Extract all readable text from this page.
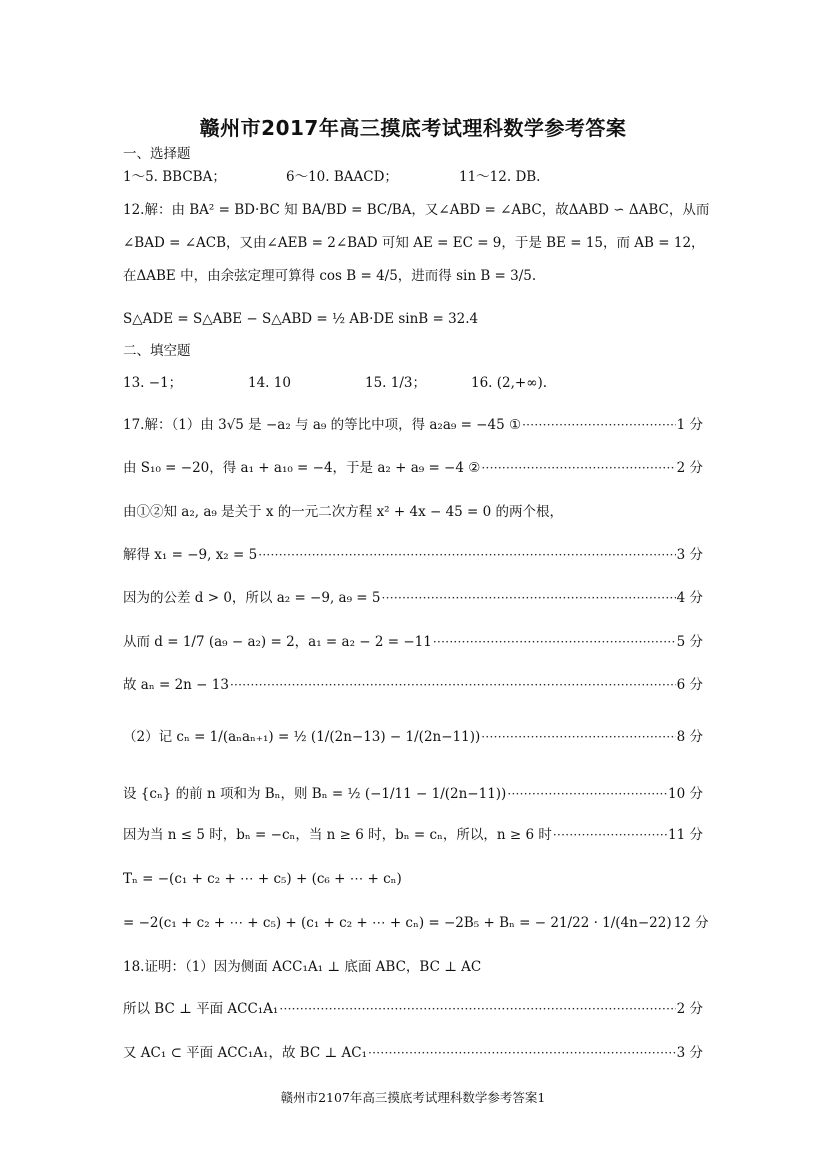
赣州市2017年高三摸底考试理科数学参考答案
一、选择题
1～5. BBCBA；	6～10. BAACD；	11～12. DB.
12.解：由 BA² = BD·BC 知 BA/BD = BC/BA，又∠ABD = ∠ABC，故ΔABD ∽ ΔABC，从而
∠BAD = ∠ACB，又由∠AEB = 2∠BAD 可知 AE = EC = 9，于是 BE = 15，而 AB = 12，
在ΔABE 中，由余弦定理可算得 cos B = 4/5，进而得 sin B = 3/5.
S△ADE = S△ABE − S△ABD = ½ AB·DE sinB = 32.4
二、填空题
13. −1；	14. 10	15. 1/3；	16. (2,+∞).
17.解：（1）由 3√5 是 −a₂ 与 a₉ 的等比中项，得 a₂a₉ = −45 ① ·····	1 分
由 S₁₀ = −20，得 a₁ + a₁₀ = −4，于是 a₂ + a₉ = −4 ② ·····	2 分
由①②知 a₂, a₉ 是关于 x 的一元二次方程 x² + 4x − 45 = 0 的两个根，
解得 x₁ = −9, x₂ = 5 ·····	3 分
因为的公差 d > 0，所以 a₂ = −9, a₉ = 5 ·····	4 分
从而 d = 1/7 (a₉ − a₂) = 2，a₁ = a₂ − 2 = −11 ·····	5 分
故 aₙ = 2n − 13 ·····	6 分
（2）记 cₙ = 1/(aₙaₙ₊₁) = ½ (1/(2n−13) − 1/(2n−11)) ·····	8 分
设 {cₙ} 的前 n 项和为 Bₙ，则 Bₙ = ½ (−1/11 − 1/(2n−11)) ·····	10 分
因为当 n ≤ 5 时，bₙ = −cₙ，当 n ≥ 6 时，bₙ = cₙ，所以，n ≥ 6 时 ·····	11 分
Tₙ = −(c₁ + c₂ + ⋯ + c₅) + (c₆ + ⋯ + cₙ)
= −2(c₁ + c₂ + ⋯ + c₅) + (c₁ + c₂ + ⋯ + cₙ) = −2B₅ + Bₙ = − 21/22 · 1/(4n−22) 12 分
18.证明：（1）因为侧面 ACC₁A₁ ⊥ 底面 ABC，BC ⊥ AC
所以 BC ⊥ 平面 ACC₁A₁ ·····	2 分
又 AC₁ ⊂ 平面 ACC₁A₁，故 BC ⊥ AC₁ ·····	3 分
赣州市2107年高三摸底考试理科数学参考答案1
